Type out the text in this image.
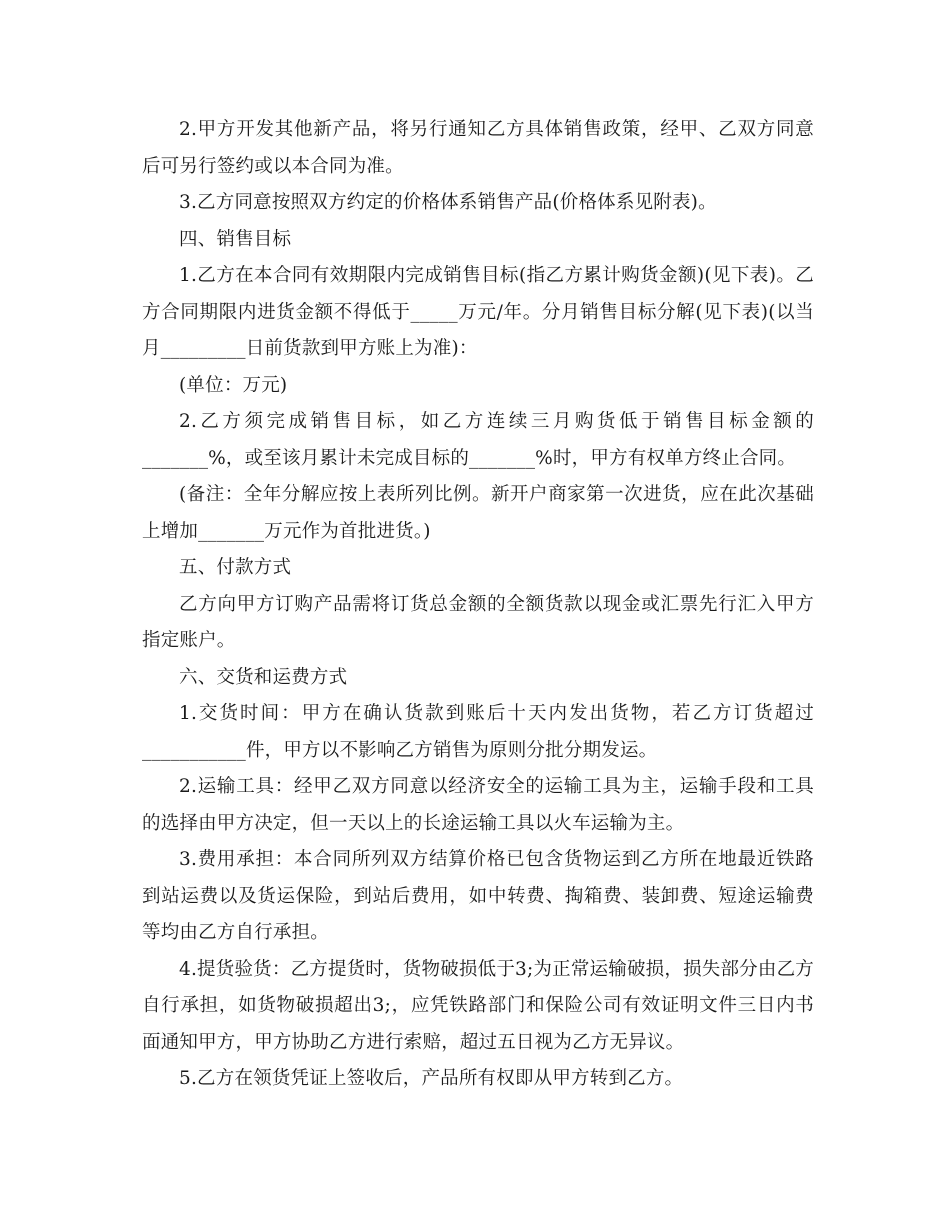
2.甲方开发其他新产品，将另行通知乙方具体销售政策，经甲、乙双方同意后可另行签约或以本合同为准。

3.乙方同意按照双方约定的价格体系销售产品(价格体系见附表)。

四、销售目标

1.乙方在本合同有效期限内完成销售目标(指乙方累计购货金额)(见下表)。乙方合同期限内进货金额不得低于_____万元/年。分月销售目标分解(见下表)(以当月_________日前货款到甲方账上为准)：

(单位：万元)

2.乙方须完成销售目标，如乙方连续三月购货低于销售目标金额的_______%，或至该月累计未完成目标的_______%时，甲方有权单方终止合同。

(备注：全年分解应按上表所列比例。新开户商家第一次进货，应在此次基础上增加_______万元作为首批进货。)

五、付款方式

乙方向甲方订购产品需将订货总金额的全额货款以现金或汇票先行汇入甲方指定账户。

六、交货和运费方式

1.交货时间：甲方在确认货款到账后十天内发出货物，若乙方订货超过___________件，甲方以不影响乙方销售为原则分批分期发运。

2.运输工具：经甲乙双方同意以经济安全的运输工具为主，运输手段和工具的选择由甲方决定，但一天以上的长途运输工具以火车运输为主。

3.费用承担：本合同所列双方结算价格已包含货物运到乙方所在地最近铁路到站运费以及货运保险，到站后费用，如中转费、掏箱费、装卸费、短途运输费等均由乙方自行承担。

4.提货验货：乙方提货时，货物破损低于3;为正常运输破损，损失部分由乙方自行承担，如货物破损超出3;，应凭铁路部门和保险公司有效证明文件三日内书面通知甲方，甲方协助乙方进行索赔，超过五日视为乙方无异议。

5.乙方在领货凭证上签收后，产品所有权即从甲方转到乙方。
